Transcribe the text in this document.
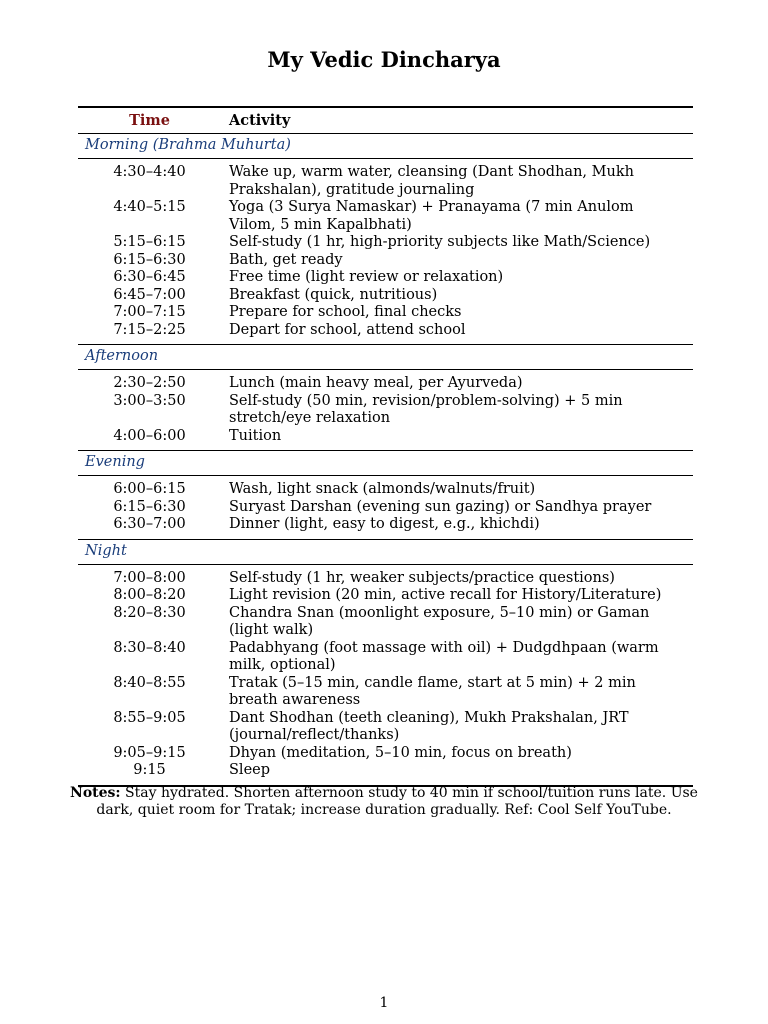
My Vedic Dincharya
Time	Activity
Morning (Brahma Muhurta)	
4:30–4:40	Wake up, warm water, cleansing (Dant Shodhan, Mukh Prakshalan), gratitude journaling
4:40–5:15	Yoga (3 Surya Namaskar) + Pranayama (7 min Anulom Vilom, 5 min Kapalbhati)
5:15–6:15	Self-study (1 hr, high-priority subjects like Math/Science)
6:15–6:30	Bath, get ready
6:30–6:45	Free time (light review or relaxation)
6:45–7:00	Breakfast (quick, nutritious)
7:00–7:15	Prepare for school, final checks
7:15–2:25	Depart for school, attend school
Afternoon	
2:30–2:50	Lunch (main heavy meal, per Ayurveda)
3:00–3:50	Self-study (50 min, revision/problem-solving) + 5 min stretch/eye relaxation
4:00–6:00	Tuition
Evening	
6:00–6:15	Wash, light snack (almonds/walnuts/fruit)
6:15–6:30	Suryast Darshan (evening sun gazing) or Sandhya prayer
6:30–7:00	Dinner (light, easy to digest, e.g., khichdi)
Night	
7:00–8:00	Self-study (1 hr, weaker subjects/practice questions)
8:00–8:20	Light revision (20 min, active recall for History/Literature)
8:20–8:30	Chandra Snan (moonlight exposure, 5–10 min) or Gaman (light walk)
8:30–8:40	Padabhyang (foot massage with oil) + Dudgdhpaan (warm milk, optional)
8:40–8:55	Tratak (5–15 min, candle flame, start at 5 min) + 2 min breath awareness
8:55–9:05	Dant Shodhan (teeth cleaning), Mukh Prakshalan, JRT (journal/reflect/thanks)
9:05–9:15	Dhyan (meditation, 5–10 min, focus on breath)
9:15	Sleep
Notes: Stay hydrated. Shorten afternoon study to 40 min if school/tuition runs late. Use dark, quiet room for Tratak; increase duration gradually. Ref: Cool Self YouTube.
1
